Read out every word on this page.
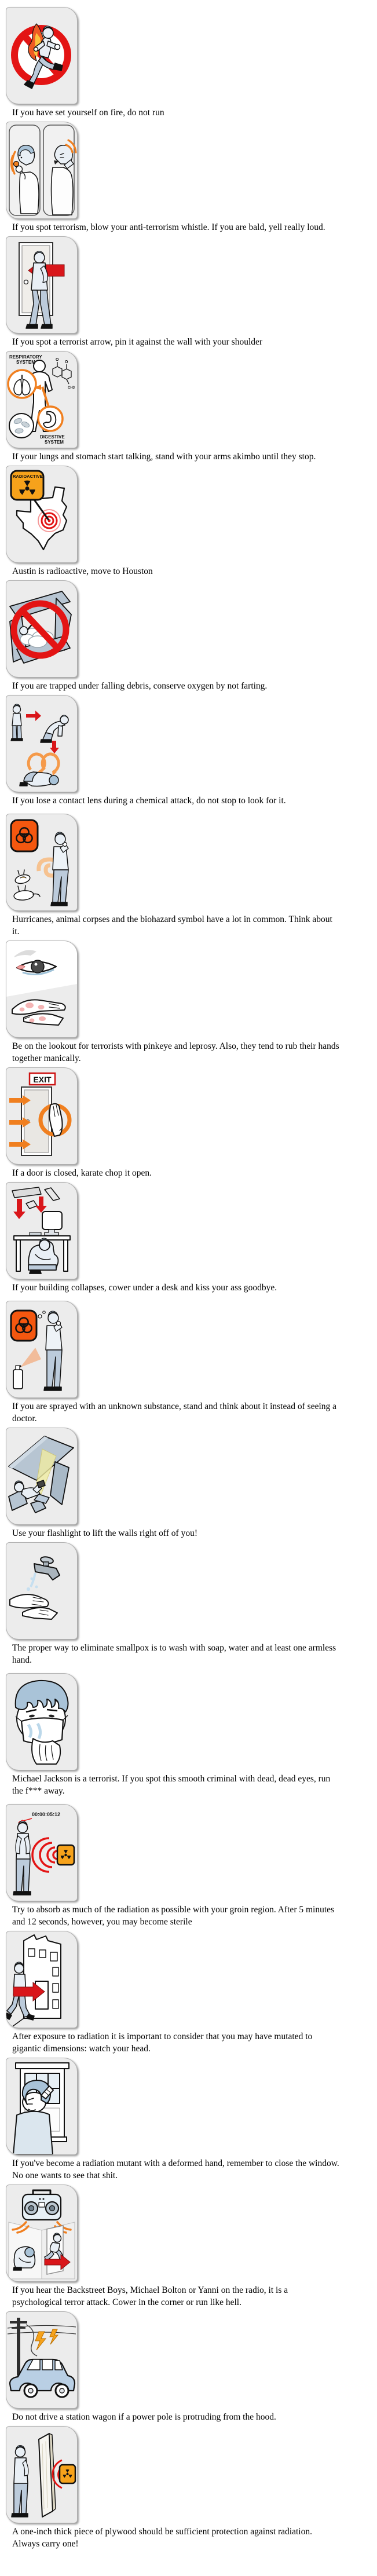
If you have set yourself on fire, do not run
If you spot terrorism, blow your anti-terrorism whistle. If you are bald, yell really loud.
If you spot a terrorist arrow, pin it against the wall with your shoulder
RESPIRATORY
SYSTEM	O
O
CH3
DIGESTIVE
SYSTEM
If your lungs and stomach start talking, stand with your arms akimbo until they stop.
RADIOACTIVE
Austin is radioactive, move to Houston
If you are trapped under falling debris, conserve oxygen by not farting.
If you lose a contact lens during a chemical attack, do not stop to look for it.
Hurricanes, animal corpses and the biohazard symbol have a lot in common. Think about it.
Be on the lookout for terrorists with pinkeye and leprosy. Also, they tend to rub their hands together manically.
EXIT
If a door is closed, karate chop it open.
If your building collapses, cower under a desk and kiss your ass goodbye.
If you are sprayed with an unknown substance, stand and think about it instead of seeing a doctor.
Use your flashlight to lift the walls right off of you!
The proper way to eliminate smallpox is to wash with soap, water and at least one armless hand.
Michael Jackson is a terrorist. If you spot this smooth criminal with dead, dead eyes, run the f*** away.
00:00:05:12
Try to absorb as much of the radiation as possible with your groin region. After 5 minutes and 12 seconds, however, you may become sterile
After exposure to radiation it is important to consider that you may have mutated to gigantic dimensions: watch your head.
If you've become a radiation mutant with a deformed hand, remember to close the window. No one wants to see that shit.
If you hear the Backstreet Boys, Michael Bolton or Yanni on the radio, it is a psychological terror attack. Cower in the corner or run like hell.
Do not drive a station wagon if a power pole is protruding from the hood.
A one-inch thick piece of plywood should be sufficient protection against radiation. Always carry one!
